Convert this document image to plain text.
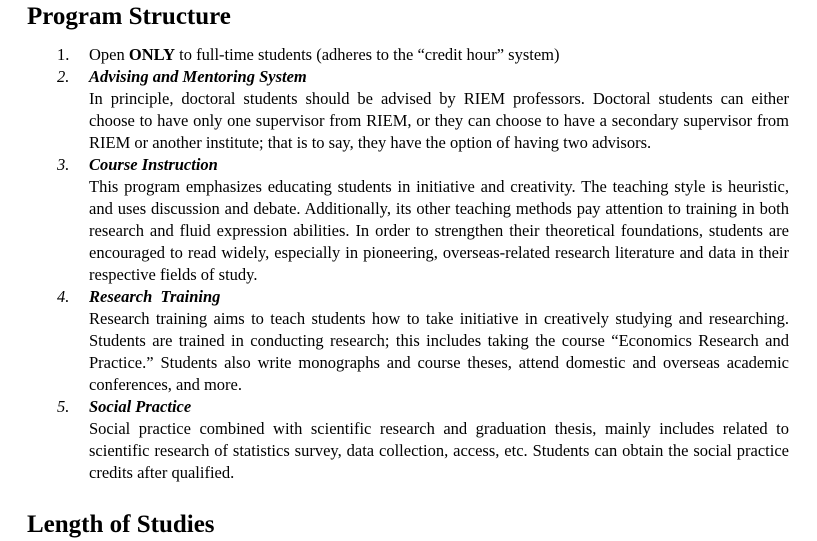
Program Structure
1. Open ONLY to full-time students (adheres to the “credit hour” system)
2. Advising and Mentoring System
In principle, doctoral students should be advised by RIEM professors. Doctoral students can either choose to have only one supervisor from RIEM, or they can choose to have a secondary supervisor from RIEM or another institute; that is to say, they have the option of having two advisors.
3. Course Instruction
This program emphasizes educating students in initiative and creativity. The teaching style is heuristic, and uses discussion and debate. Additionally, its other teaching methods pay attention to training in both research and fluid expression abilities. In order to strengthen their theoretical foundations, students are encouraged to read widely, especially in pioneering, overseas-related research literature and data in their respective fields of study.
4. Research  Training
Research training aims to teach students how to take initiative in creatively studying and researching. Students are trained in conducting research; this includes taking the course “Economics Research and Practice.” Students also write monographs and course theses, attend domestic and overseas academic conferences, and more.
5. Social Practice
Social practice combined with scientific research and graduation thesis, mainly includes related to scientific research of statistics survey, data collection, access, etc. Students can obtain the social practice credits after qualified.
Length of Studies
